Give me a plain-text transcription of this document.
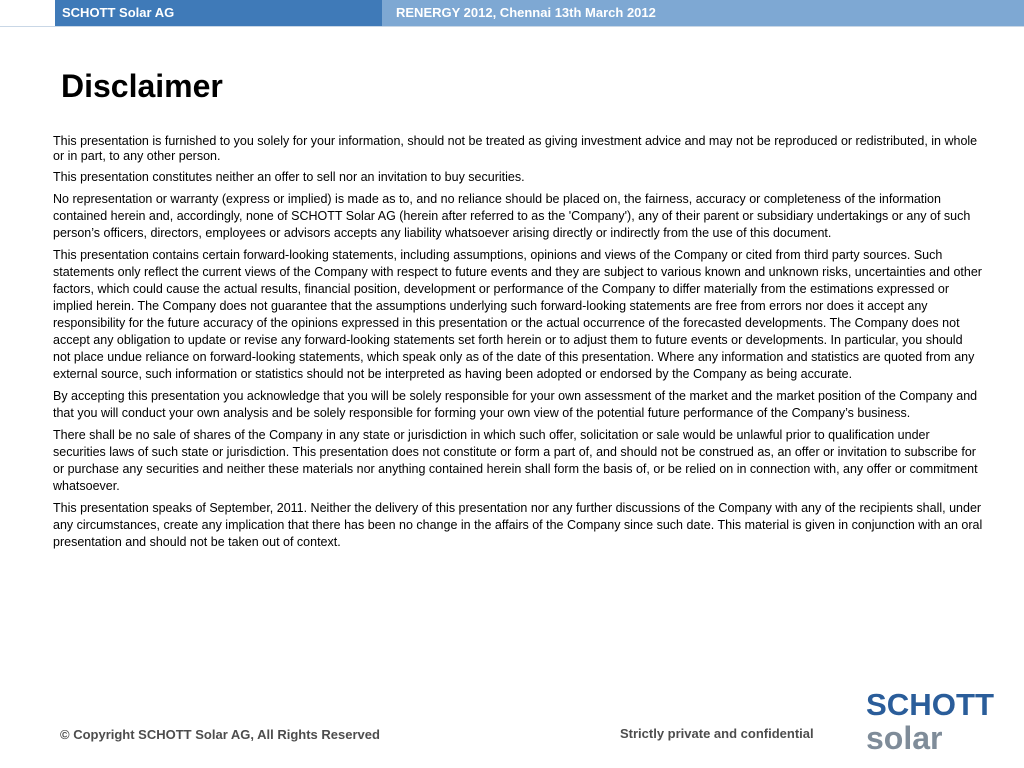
SCHOTT Solar AG	RENERGY 2012, Chennai 13th March 2012
Disclaimer

This presentation is furnished to you solely for your information, should not be treated as giving investment advice and may not be reproduced or redistributed, in whole or in part, to any other person.

This presentation constitutes neither an offer to sell nor an invitation to buy securities.

No representation or warranty (express or implied) is made as to, and no reliance should be placed on, the fairness, accuracy or completeness of the information contained herein and, accordingly, none of SCHOTT Solar AG (herein after referred to as the 'Company'), any of their parent or subsidiary undertakings or any of such person’s officers, directors, employees or advisors accepts any liability whatsoever arising directly or indirectly from the use of this document.

This presentation contains certain forward-looking statements, including assumptions, opinions and views of the Company or cited from third party sources. Such statements only reflect the current views of the Company with respect to future events and they are subject to various known and unknown risks, uncertainties and other factors, which could cause the actual results, financial position, development or performance of the Company to differ materially from the estimations expressed or implied herein. The Company does not guarantee that the assumptions underlying such forward-looking statements are free from errors nor does it accept any responsibility for the future accuracy of the opinions expressed in this presentation or the actual occurrence of the forecasted developments. The Company does not accept any obligation to update or revise any forward-looking statements set forth herein or to adjust them to future events or developments. In particular, you should not place undue reliance on forward-looking statements, which speak only as of the date of this presentation. Where any information and statistics are quoted from any external source, such information or statistics should not be interpreted as having been adopted or endorsed by the Company as being accurate.

By accepting this presentation you acknowledge that you will be solely responsible for your own assessment of the market and the market position of the Company and that you will conduct your own analysis and be solely responsible for forming your own view of the potential future performance of the Company’s business.

There shall be no sale of shares of the Company in any state or jurisdiction in which such offer, solicitation or sale would be unlawful prior to qualification under securities laws of such state or jurisdiction. This presentation does not constitute or form a part of, and should not be construed as, an offer or invitation to subscribe for or purchase any securities and neither these materials nor anything contained herein shall form the basis of, or be relied on in connection with, any offer or commitment whatsoever.

This presentation speaks of September, 2011. Neither the delivery of this presentation nor any further discussions of the Company with any of the recipients shall, under any circumstances, create any implication that there has been no change in the affairs of the Company since such date. This material is given in conjunction with an oral presentation and should not be taken out of context.

© Copyright SCHOTT Solar AG, All Rights Reserved	Strictly private and confidential
SCHOTT
solar
